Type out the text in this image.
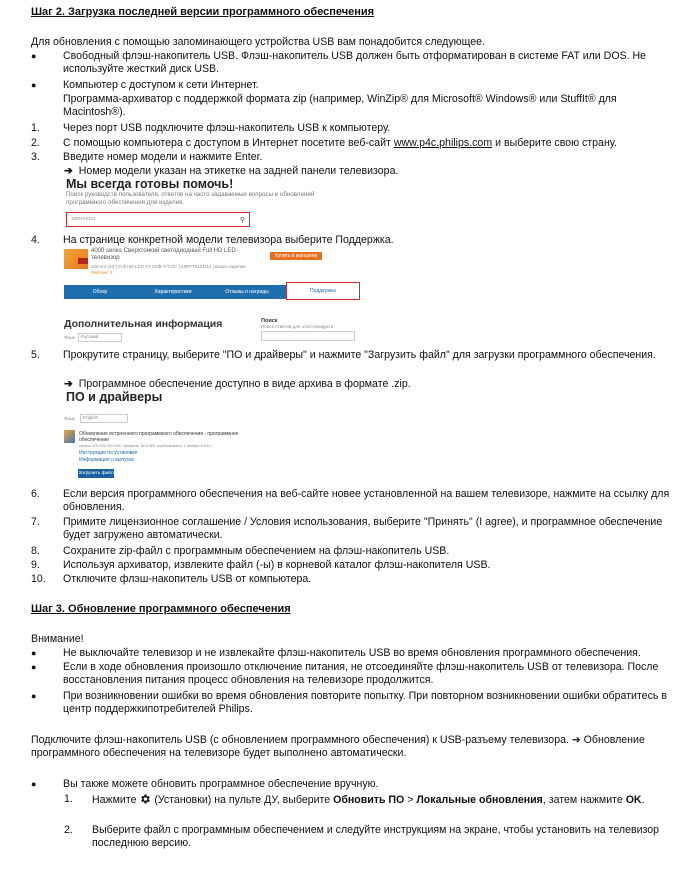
Шаг 2. Загрузка последней версии программного обеспечения
Для обновления с помощью запоминающего устройства USB вам понадобится следующее.
●	Свободный флэш-накопитель USB. Флэш-накопитель USB должен быть отформатирован в системе FAT или DOS. Не используйте жесткий диск USB.
●	Компьютер с доступом к сети Интернет.
Программа-архиватор с поддержкой формата zip (например, WinZip® для Microsoft® Windows® или StuffIt® для Macintosh®).
1.	Через порт USB подключите флэш-накопитель USB к компьютеру.
2.	С помощью компьютера с доступом в Интернет посетите веб-сайт www.p4c.philips.com и выберите свою страну.
3.	Введите номер модели и нажмите Enter.
➔ Номер модели указан на этикетке на задней панели телевизора.
Мы всегда готовы помочь!
Поиск руководств пользователя, ответов на часто задаваемые вопросы и обновлений программного обеспечения для изделия.
32PHT4101	⚲
4.	На странице конкретной модели телевизора выберите Поддержка.
4000 series Сверхтонкий светодиодный Full HD LED-
телевизор
108 cm (43") Full HD LED TV DVB-T/T2/C | 43PFT4101/12 | Ваше изделие
Рейтинг: 1
Купить в магазине
Обзор	Характеристики	Отзывы и награды	Поддержка
Дополнительная информация	Поиск
Поиск ответов для этого продукта
Язык	Русский
5.	Прокрутите страницу, выберите "ПО и драйверы" и нажмите "Загрузить файл" для загрузки программного обеспечения.
➔ Программное обеспечение доступно в виде архива в формате .zip.
ПО и драйверы
Язык	English
Обновление встроенного программного обеспечения - программное обеспечение
version 000.000.000.000, профиль: 50.5 MB, опубликовано: 1 ноября 2016 г.
Инструкции по установке
Информация о выпуске
Загрузить файл
6.	Если версия программного обеспечения на веб-сайте новее установленной на вашем телевизоре, нажмите на ссылку для обновления.
7.	Примите лицензионное соглашение / Условия использования, выберите "Принять" (I agree), и программное обеспечение будет загружено автоматически.
8.	Сохраните zip-файл с программным обеспечением на флэш-накопитель USB.
9.	Используя архиватор, извлеките файл (-ы) в корневой каталог флэш-накопителя USB.
10.	Отключите флэш-накопитель USB от компьютера.
Шаг 3. Обновление программного обеспечения
Внимание!
●	Не выключайте телевизор и не извлекайте флэш-накопитель USB во время обновления программного обеспечения.
●	Если в ходе обновления произошло отключение питания, не отсоединяйте флэш-накопитель USB от телевизора. После восстановления питания процесс обновления на телевизоре продолжится.
●	При возникновении ошибки во время обновления повторите попытку. При повторном возникновении ошибки обратитесь в центр поддержкипотребителей Philips.
Подключите флэш-накопитель USB (с обновлением программного обеспечения) к USB-разъему телевизора. ➔ Обновление программного обеспечения на телевизоре будет выполнено автоматически.
●	Вы также можете обновить программное обеспечение вручную.
1. Нажмите  (Установки) на пульте ДУ, выберите Обновить ПО > Локальные обновления, затем нажмите OK.
2. Выберите файл с программным обеспечением и следуйте инструкциям на экране, чтобы установить на телевизор последнюю версию.
